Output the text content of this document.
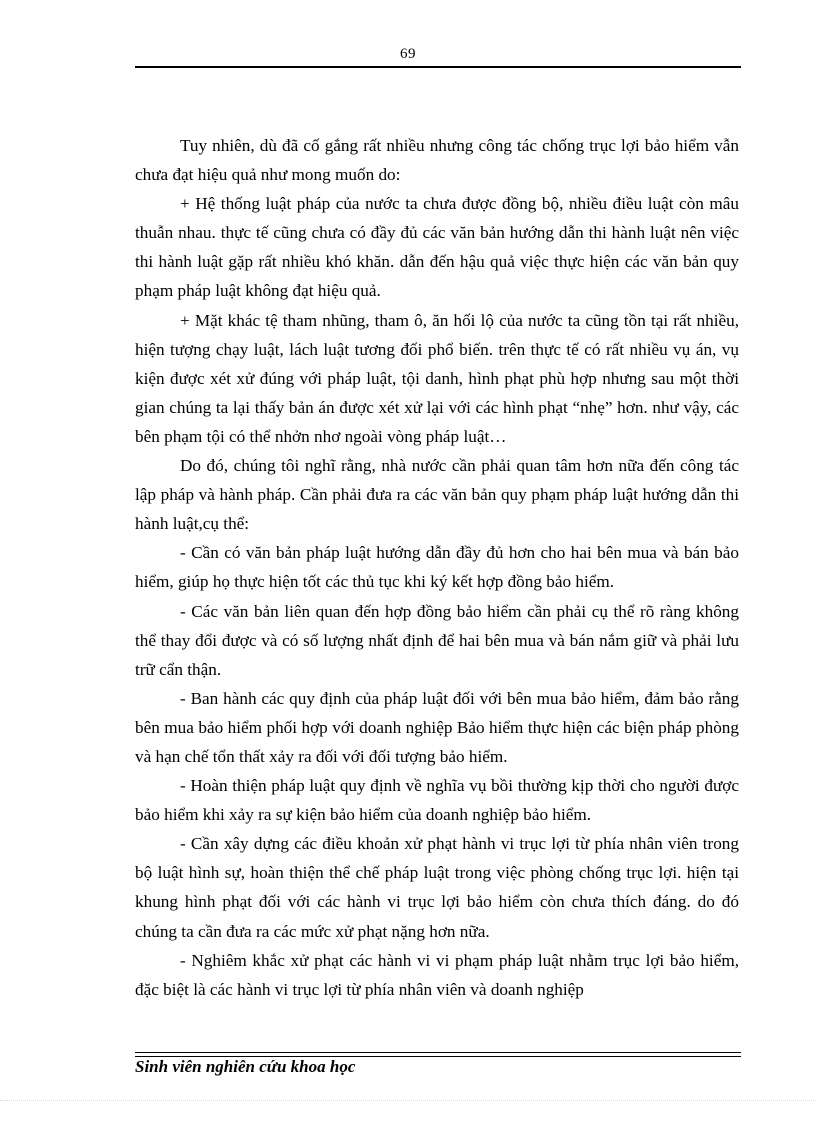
69

Tuy nhiên, dù đã cố gắng rất nhiều nhưng công tác chống trục lợi bảo hiểm vẫn chưa đạt hiệu quả như mong muốn do:

+ Hệ thống luật pháp của nước ta chưa được đồng bộ, nhiều điều luật còn mâu thuẫn nhau. thực tế cũng chưa có đầy đủ các văn bản hướng dẫn thi hành luật nên việc thi hành luật gặp rất nhiều khó khăn. dẫn đến hậu quả việc thực hiện các văn bản quy phạm pháp luật không đạt hiệu quả.

+ Mặt khác tệ tham nhũng, tham ô, ăn hối lộ của nước ta cũng tồn tại rất nhiều, hiện tượng chạy luật, lách luật tương đối phổ biến. trên thực tế có rất nhiều vụ án, vụ kiện được xét xử đúng với pháp luật, tội danh, hình phạt phù hợp nhưng sau một thời gian chúng ta lại thấy bản án được xét xử lại với các hình phạt “nhẹ” hơn. như vậy, các bên phạm tội có thể nhởn nhơ ngoài vòng pháp luật…

Do đó, chúng tôi nghĩ rằng, nhà nước cần phải quan tâm hơn nữa đến công tác lập pháp và hành pháp. Cần phải đưa ra các văn bản quy phạm pháp luật hướng dẫn thi hành luật,cụ thể:

- Cần có văn bản pháp luật hướng dẫn đầy đủ hơn cho hai bên mua và bán bảo hiểm, giúp họ thực hiện tốt các thủ tục khi ký kết hợp đồng bảo hiểm.

- Các văn bản liên quan đến hợp đồng bảo hiểm cần phải cụ thể rõ ràng không thể thay đổi được và có số lượng nhất định để hai bên mua và bán nắm giữ và phải lưu trữ cẩn thận.

- Ban hành các quy định của pháp luật đối với bên mua bảo hiểm, đảm bảo rằng bên mua bảo hiểm phối hợp với doanh nghiệp Bảo hiểm thực hiện các biện pháp phòng và hạn chế tổn thất xảy ra đối với đối tượng bảo hiểm.

- Hoàn thiện pháp luật quy định về nghĩa vụ bồi thường kịp thời cho người được bảo hiểm khi xảy ra sự kiện bảo hiểm của doanh nghiệp bảo hiểm.

- Cần xây dựng các điều khoản xử phạt hành vi trục lợi từ phía nhân viên trong bộ luật hình sự, hoàn thiện thể chế pháp luật trong việc phòng chống trục lợi. hiện tại khung hình phạt đối với các hành vi trục lợi bảo hiểm còn chưa thích đáng. do đó chúng ta cần đưa ra các mức xử phạt nặng hơn nữa.

- Nghiêm khắc xử phạt các hành vi vi phạm pháp luật nhằm trục lợi bảo hiểm, đặc biệt là các hành vi trục lợi từ phía nhân viên và doanh nghiệp

Sinh viên nghiên cứu khoa học
